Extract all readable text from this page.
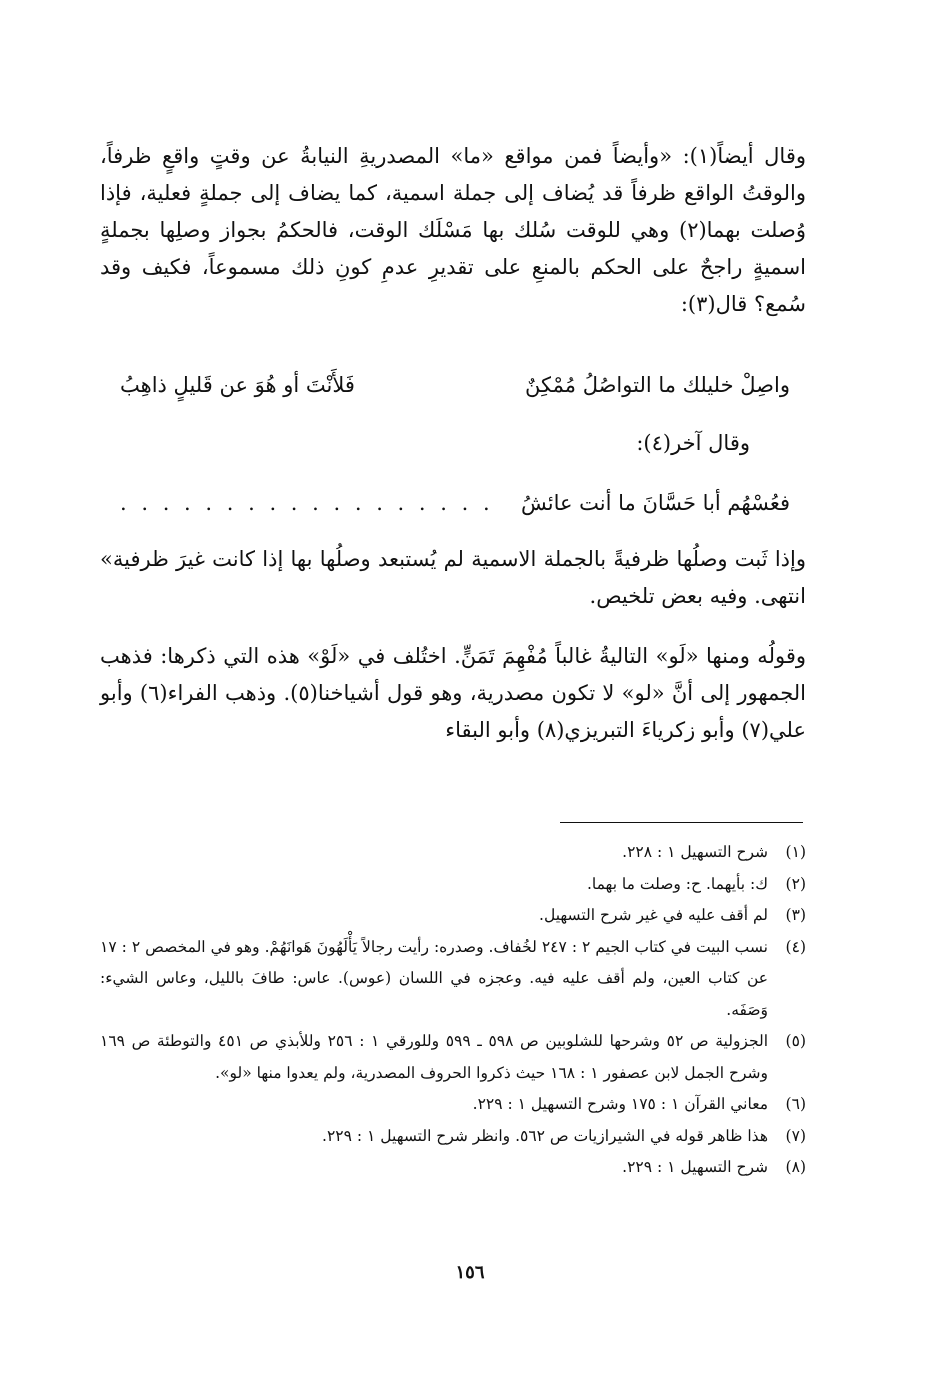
وقال أيضاً(١): «وأيضاً فمن مواقع «ما» المصدريةِ النيابةُ عن وقتٍ واقعٍ ظرفاً، والوقتُ الواقع ظرفاً قد يُضاف إلى جملة اسمية، كما يضاف إلى جملةٍ فعلية، فإذا وُصلت بهما(٢) وهي للوقت سُلك بها مَسْلَك الوقت، فالحكمُ بجواز وصلِها بجملةٍ اسميةٍ راجحٌ على الحكم بالمنعِ على تقديرِ عدمِ كونِ ذلك مسموعاً، فكيف وقد سُمع؟ قال(٣):

واصِلْ خليلك ما التواصُلُ مُمْكِنٌ
فَلأَنْتَ أو هُوَ عن قَليلٍ ذاهِبُ
وقال آخر(٤):
فعُسْهُم أبا حَسَّانَ ما أنت عائشُ
. . . . . . . . . . . . . . . . . .

وإذا ثَبت وصلُها ظرفيةً بالجملة الاسمية لم يُستبعد وصلُها بها إذا كانت غيرَ ظرفية» انتهى. وفيه بعض تلخيص.

وقولُه ومنها «لَو» التاليةُ غالباً مُفْهِمَ تَمَنٍّ. اختُلف في «لَوْ» هذه التي ذكرها: فذهب الجمهور إلى أنَّ «لو» لا تكون مصدرية، وهو قول أشياخنا(٥). وذهب الفراء(٦) وأبو علي(٧) وأبو زكرياءَ التبريزي(٨) وأبو البقاء

(١)
شرح التسهيل ١ : ٢٢٨.
(٢)
ك: بأيهما. ح: وصلت ما بهما.
(٣)
لم أقف عليه في غير شرح التسهيل.
(٤)
نسب البيت في كتاب الجيم ٢ : ٢٤٧ لخُفاف. وصدره: رأيت رجالاً يَأْلَهُونَ هَوانَهُمْ. وهو في المخصص ٢ : ١٧ عن كتاب العين، ولم أقف عليه فيه. وعجزه في اللسان (عوس). عاس: طافَ بالليل، وعاس الشيء: وَصَفَه.
(٥)
الجزولية ص ٥٢ وشرحها للشلوبين ص ٥٩٨ ـ ٥٩٩ وللورقي ١ : ٢٥٦ وللأبذي ص ٤٥١ والتوطئة ص ١٦٩ وشرح الجمل لابن عصفور ١ : ١٦٨ حيث ذكروا الحروف المصدرية، ولم يعدوا منها «لو».
(٦)
معاني القرآن ١ : ١٧٥ وشرح التسهيل ١ : ٢٢٩.
(٧)
هذا ظاهر قوله في الشيرازيات ص ٥٦٢. وانظر شرح التسهيل ١ : ٢٢٩.
(٨)
شرح التسهيل ١ : ٢٢٩.
١٥٦
